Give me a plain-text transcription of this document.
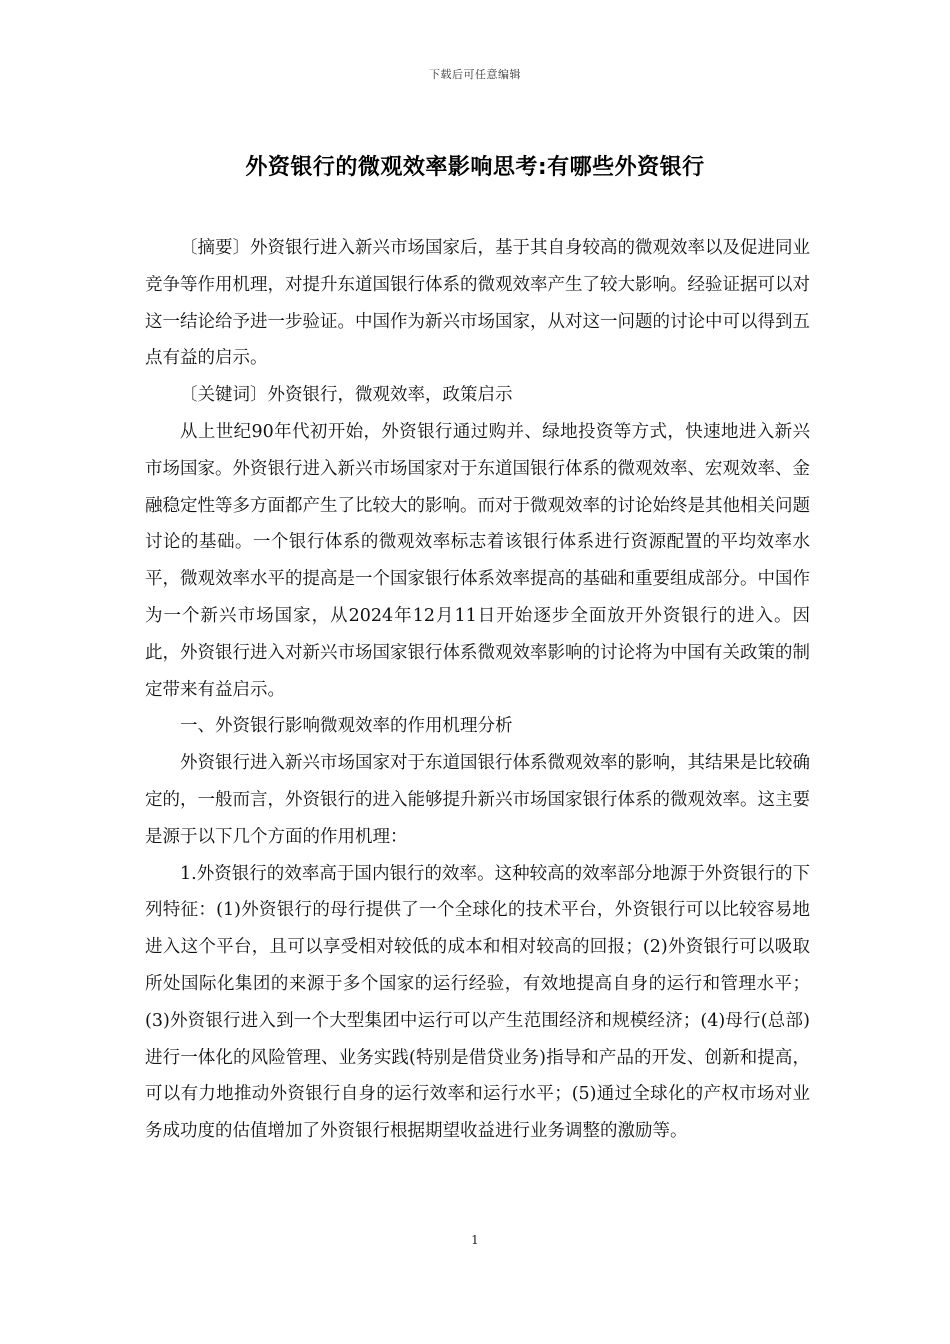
下载后可任意编辑
外资银行的微观效率影响思考:有哪些外资银行

〔摘要〕外资银行进入新兴市场国家后，基于其自身较高的微观效率以及促进同业竞争等作用机理，对提升东道国银行体系的微观效率产生了较大影响。经验证据可以对这一结论给予进一步验证。中国作为新兴市场国家，从对这一问题的讨论中可以得到五点有益的启示。

〔关键词〕外资银行，微观效率，政策启示

从上世纪90年代初开始，外资银行通过购并、绿地投资等方式，快速地进入新兴市场国家。外资银行进入新兴市场国家对于东道国银行体系的微观效率、宏观效率、金融稳定性等多方面都产生了比较大的影响。而对于微观效率的讨论始终是其他相关问题讨论的基础。一个银行体系的微观效率标志着该银行体系进行资源配置的平均效率水平，微观效率水平的提高是一个国家银行体系效率提高的基础和重要组成部分。中国作为一个新兴市场国家，从2024年12月11日开始逐步全面放开外资银行的进入。因此，外资银行进入对新兴市场国家银行体系微观效率影响的讨论将为中国有关政策的制定带来有益启示。

一、外资银行影响微观效率的作用机理分析

外资银行进入新兴市场国家对于东道国银行体系微观效率的影响，其结果是比较确定的，一般而言，外资银行的进入能够提升新兴市场国家银行体系的微观效率。这主要是源于以下几个方面的作用机理：

1.外资银行的效率高于国内银行的效率。这种较高的效率部分地源于外资银行的下列特征：(1)外资银行的母行提供了一个全球化的技术平台，外资银行可以比较容易地进入这个平台，且可以享受相对较低的成本和相对较高的回报；(2)外资银行可以吸取所处国际化集团的来源于多个国家的运行经验，有效地提高自身的运行和管理水平；(3)外资银行进入到一个大型集团中运行可以产生范围经济和规模经济；(4)母行(总部)进行一体化的风险管理、业务实践(特别是借贷业务)指导和产品的开发、创新和提高，可以有力地推动外资银行自身的运行效率和运行水平；(5)通过全球化的产权市场对业务成功度的估值增加了外资银行根据期望收益进行业务调整的激励等。

1
